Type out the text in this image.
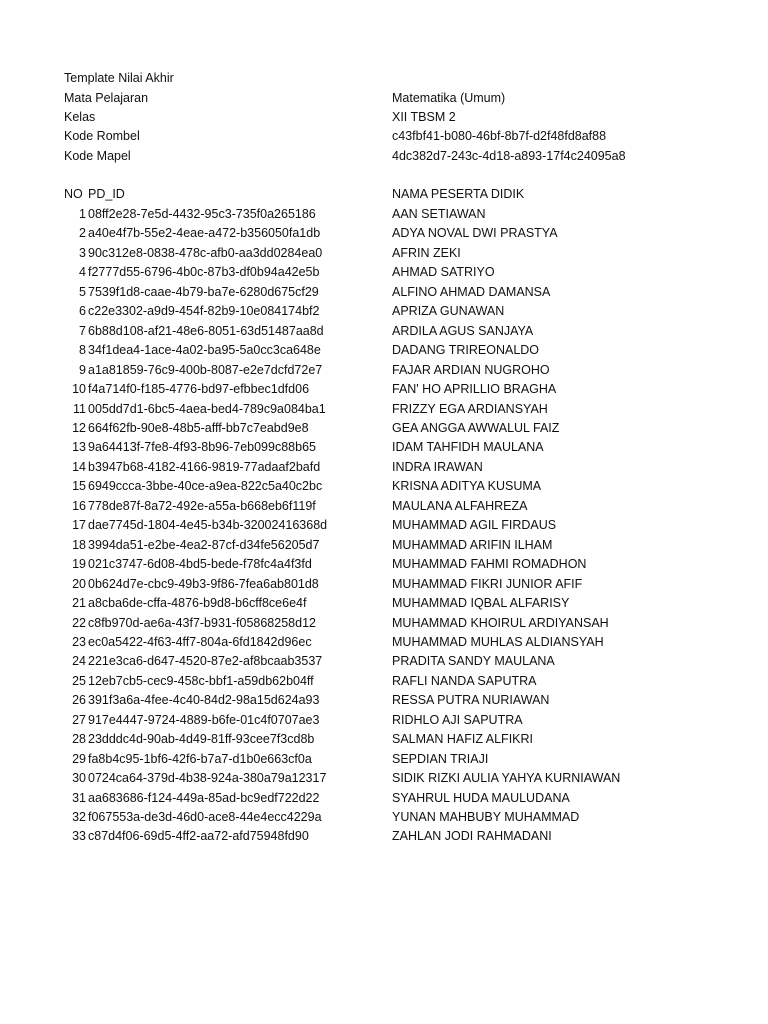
Template Nilai Akhir
Mata Pelajaran	Matematika (Umum)
Kelas	XII TBSM 2
Kode Rombel	c43fbf41-b080-46bf-8b7f-d2f48fd8af88
Kode Mapel	4dc382d7-243c-4d18-a893-17f4c24095a8
NO PD_ID	NAMA PESERTA DIDIK
1 08ff2e28-7e5d-4432-95c3-735f0a265186	AAN SETIAWAN
2 a40e4f7b-55e2-4eae-a472-b356050fa1db	ADYA NOVAL DWI PRASTYA
3 90c312e8-0838-478c-afb0-aa3dd0284ea0	AFRIN ZEKI
4 f2777d55-6796-4b0c-87b3-df0b94a42e5b	AHMAD SATRIYO
5 7539f1d8-caae-4b79-ba7e-6280d675cf29	ALFINO AHMAD DAMANSA
6 c22e3302-a9d9-454f-82b9-10e084174bf2	APRIZA GUNAWAN
7 6b88d108-af21-48e6-8051-63d51487aa8d	ARDILA AGUS SANJAYA
8 34f1dea4-1ace-4a02-ba95-5a0cc3ca648e	DADANG TRIREONALDO
9 a1a81859-76c9-400b-8087-e2e7dcfd72e7	FAJAR ARDIAN NUGROHO
10 f4a714f0-f185-4776-bd97-efbbec1dfd06	FAN' HO APRILLIO BRAGHA
11 005dd7d1-6bc5-4aea-bed4-789c9a084ba1	FRIZZY EGA ARDIANSYAH
12 664f62fb-90e8-48b5-afff-bb7c7eabd9e8	GEA ANGGA AWWALUL FAIZ
13 9a64413f-7fe8-4f93-8b96-7eb099c88b65	IDAM TAHFIDH MAULANA
14 b3947b68-4182-4166-9819-77adaaf2bafd	INDRA IRAWAN
15 6949ccca-3bbe-40ce-a9ea-822c5a40c2bc	KRISNA ADITYA KUSUMA
16 778de87f-8a72-492e-a55a-b668eb6f119f	MAULANA ALFAHREZA
17 dae7745d-1804-4e45-b34b-32002416368d	MUHAMMAD AGIL FIRDAUS
18 3994da51-e2be-4ea2-87cf-d34fe56205d7	MUHAMMAD ARIFIN ILHAM
19 021c3747-6d08-4bd5-bede-f78fc4a4f3fd	MUHAMMAD FAHMI ROMADHON
20 0b624d7e-cbc9-49b3-9f86-7fea6ab801d8	MUHAMMAD FIKRI JUNIOR AFIF
21 a8cba6de-cffa-4876-b9d8-b6cff8ce6e4f	MUHAMMAD IQBAL ALFARISY
22 c8fb970d-ae6a-43f7-b931-f05868258d12	MUHAMMAD KHOIRUL ARDIYANSAH
23 ec0a5422-4f63-4ff7-804a-6fd1842d96ec	MUHAMMAD MUHLAS ALDIANSYAH
24 221e3ca6-d647-4520-87e2-af8bcaab3537	PRADITA SANDY MAULANA
25 12eb7cb5-cec9-458c-bbf1-a59db62b04ff	RAFLI NANDA SAPUTRA
26 391f3a6a-4fee-4c40-84d2-98a15d624a93	RESSA PUTRA NURIAWAN
27 917e4447-9724-4889-b6fe-01c4f0707ae3	RIDHLO AJI SAPUTRA
28 23dddc4d-90ab-4d49-81ff-93cee7f3cd8b	SALMAN HAFIZ ALFIKRI
29 fa8b4c95-1bf6-42f6-b7a7-d1b0e663cf0a	SEPDIAN TRIAJI
30 0724ca64-379d-4b38-924a-380a79a12317	SIDIK RIZKI AULIA YAHYA KURNIAWAN
31 aa683686-f124-449a-85ad-bc9edf722d22	SYAHRUL HUDA MAULUDANA
32 f067553a-de3d-46d0-ace8-44e4ecc4229a	YUNAN MAHBUBY MUHAMMAD
33 c87d4f06-69d5-4ff2-aa72-afd75948fd90	ZAHLAN JODI RAHMADANI
